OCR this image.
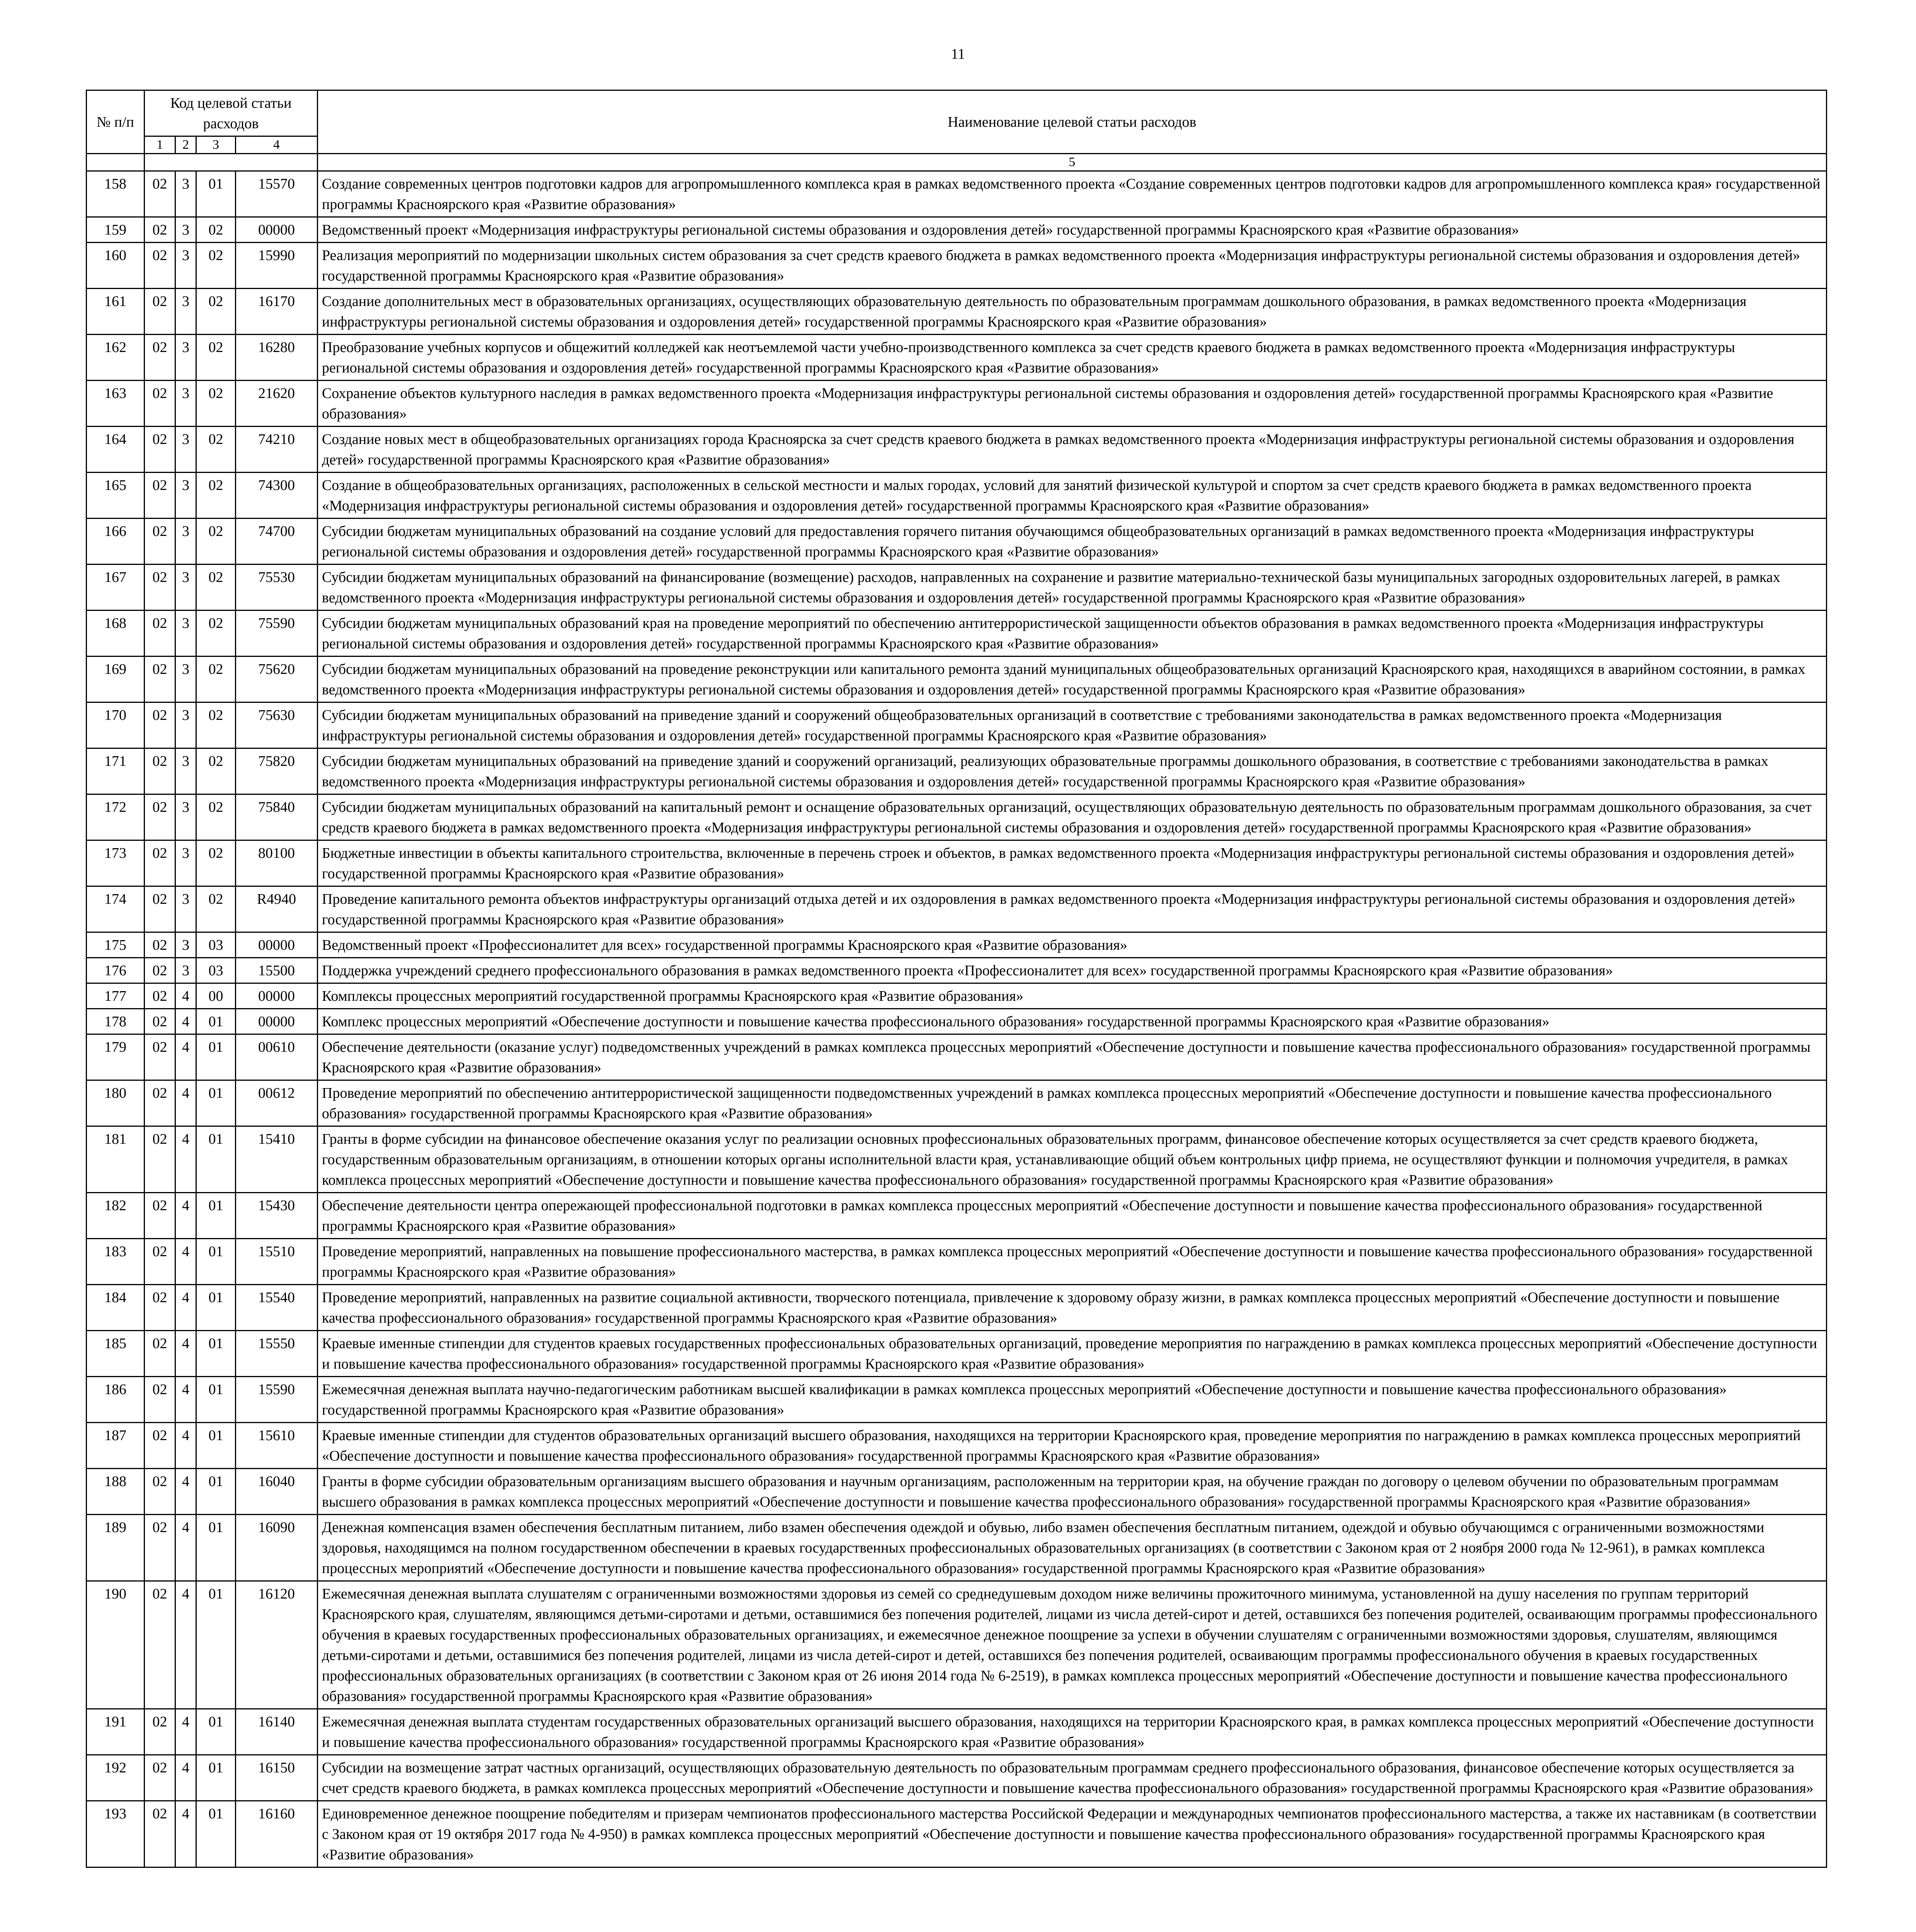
11
№ п/п	Код целевой статьи расходов				Наименование целевой статьи расходов
	1	2	3	4	
					5
158	02	3	01	15570	Создание современных центров подготовки кадров для агропромышленного комплекса края в рамках ведомственного проекта «Создание современных центров подготовки кадров для агропромышленного комплекса края» государственной программы Красноярского края «Развитие образования»
159	02	3	02	00000	Ведомственный проект «Модернизация инфраструктуры региональной системы образования и оздоровления детей» государственной программы Красноярского края «Развитие образования»
160	02	3	02	15990	Реализация мероприятий по модернизации школьных систем образования за счет средств краевого бюджета в рамках ведомственного проекта «Модернизация инфраструктуры региональной системы образования и оздоровления детей» государственной программы Красноярского края «Развитие образования»
161	02	3	02	16170	Создание дополнительных мест в образовательных организациях, осуществляющих образовательную деятельность по образовательным программам дошкольного образования, в рамках ведомственного проекта «Модернизация инфраструктуры региональной системы образования и оздоровления детей» государственной программы Красноярского края «Развитие образования»
162	02	3	02	16280	Преобразование учебных корпусов и общежитий колледжей как неотъемлемой части учебно-производственного комплекса за счет средств краевого бюджета в рамках ведомственного проекта «Модернизация инфраструктуры региональной системы образования и оздоровления детей» государственной программы Красноярского края «Развитие образования»
163	02	3	02	21620	Сохранение объектов культурного наследия в рамках ведомственного проекта «Модернизация инфраструктуры региональной системы образования и оздоровления детей» государственной программы Красноярского края «Развитие образования»
164	02	3	02	74210	Создание новых мест в общеобразовательных организациях города Красноярска за счет средств краевого бюджета в рамках ведомственного проекта «Модернизация инфраструктуры региональной системы образования и оздоровления детей» государственной программы Красноярского края «Развитие образования»
165	02	3	02	74300	Создание в общеобразовательных организациях, расположенных в сельской местности и малых городах, условий для занятий физической культурой и спортом за счет средств краевого бюджета в рамках ведомственного проекта «Модернизация инфраструктуры региональной системы образования и оздоровления детей» государственной программы Красноярского края «Развитие образования»
166	02	3	02	74700	Субсидии бюджетам муниципальных образований на создание условий для предоставления горячего питания обучающимся общеобразовательных организаций в рамках ведомственного проекта «Модернизация инфраструктуры региональной системы образования и оздоровления детей» государственной программы Красноярского края «Развитие образования»
167	02	3	02	75530	Субсидии бюджетам муниципальных образований на финансирование (возмещение) расходов, направленных на сохранение и развитие материально-технической базы муниципальных загородных оздоровительных лагерей, в рамках ведомственного проекта «Модернизация инфраструктуры региональной системы образования и оздоровления детей» государственной программы Красноярского края «Развитие образования»
168	02	3	02	75590	Субсидии бюджетам муниципальных образований края на проведение мероприятий по обеспечению антитеррористической защищенности объектов образования в рамках ведомственного проекта «Модернизация инфраструктуры региональной системы образования и оздоровления детей» государственной программы Красноярского края «Развитие образования»
169	02	3	02	75620	Субсидии бюджетам муниципальных образований на проведение реконструкции или капитального ремонта зданий муниципальных общеобразовательных организаций Красноярского края, находящихся в аварийном состоянии, в рамках ведомственного проекта «Модернизация инфраструктуры региональной системы образования и оздоровления детей» государственной программы Красноярского края «Развитие образования»
170	02	3	02	75630	Субсидии бюджетам муниципальных образований на приведение зданий и сооружений общеобразовательных организаций в соответствие с требованиями законодательства в рамках ведомственного проекта «Модернизация инфраструктуры региональной системы образования и оздоровления детей» государственной программы Красноярского края «Развитие образования»
171	02	3	02	75820	Субсидии бюджетам муниципальных образований на приведение зданий и сооружений организаций, реализующих образовательные программы дошкольного образования, в соответствие с требованиями законодательства в рамках ведомственного проекта «Модернизация инфраструктуры региональной системы образования и оздоровления детей» государственной программы Красноярского края «Развитие образования»
172	02	3	02	75840	Субсидии бюджетам муниципальных образований на капитальный ремонт и оснащение образовательных организаций, осуществляющих образовательную деятельность по образовательным программам дошкольного образования, за счет средств краевого бюджета в рамках ведомственного проекта «Модернизация инфраструктуры региональной системы образования и оздоровления детей» государственной программы Красноярского края «Развитие образования»
173	02	3	02	80100	Бюджетные инвестиции в объекты капитального строительства, включенные в перечень строек и объектов, в рамках ведомственного проекта «Модернизация инфраструктуры региональной системы образования и оздоровления детей» государственной программы Красноярского края «Развитие образования»
174	02	3	02	R4940	Проведение капитального ремонта объектов инфраструктуры организаций отдыха детей и их оздоровления в рамках ведомственного проекта «Модернизация инфраструктуры региональной системы образования и оздоровления детей» государственной программы Красноярского края «Развитие образования»
175	02	3	03	00000	Ведомственный проект «Профессионалитет для всех» государственной программы Красноярского края «Развитие образования»
176	02	3	03	15500	Поддержка учреждений среднего профессионального образования в рамках ведомственного проекта «Профессионалитет для всех» государственной программы Красноярского края «Развитие образования»
177	02	4	00	00000	Комплексы процессных мероприятий государственной программы Красноярского края «Развитие образования»
178	02	4	01	00000	Комплекс процессных мероприятий «Обеспечение доступности и повышение качества профессионального образования» государственной программы Красноярского края «Развитие образования»
179	02	4	01	00610	Обеспечение деятельности (оказание услуг) подведомственных учреждений в рамках комплекса процессных мероприятий «Обеспечение доступности и повышение качества профессионального образования» государственной программы Красноярского края «Развитие образования»
180	02	4	01	00612	Проведение мероприятий по обеспечению антитеррористической защищенности подведомственных учреждений в рамках комплекса процессных мероприятий «Обеспечение доступности и повышение качества профессионального образования» государственной программы Красноярского края «Развитие образования»
181	02	4	01	15410	Гранты в форме субсидии на финансовое обеспечение оказания услуг по реализации основных профессиональных образовательных программ, финансовое обеспечение которых осуществляется за счет средств краевого бюджета, государственным образовательным организациям, в отношении которых органы исполнительной власти края, устанавливающие общий объем контрольных цифр приема, не осуществляют функции и полномочия учредителя, в рамках комплекса процессных мероприятий «Обеспечение доступности и повышение качества профессионального образования» государственной программы Красноярского края «Развитие образования»
182	02	4	01	15430	Обеспечение деятельности центра опережающей профессиональной подготовки в рамках комплекса процессных мероприятий «Обеспечение доступности и повышение качества профессионального образования» государственной программы Красноярского края «Развитие образования»
183	02	4	01	15510	Проведение мероприятий, направленных на повышение профессионального мастерства, в рамках комплекса процессных мероприятий «Обеспечение доступности и повышение качества профессионального образования» государственной программы Красноярского края «Развитие образования»
184	02	4	01	15540	Проведение мероприятий, направленных на развитие социальной активности, творческого потенциала, привлечение к здоровому образу жизни, в рамках комплекса процессных мероприятий «Обеспечение доступности и повышение качества профессионального образования» государственной программы Красноярского края «Развитие образования»
185	02	4	01	15550	Краевые именные стипендии для студентов краевых государственных профессиональных образовательных организаций, проведение мероприятия по награждению в рамках комплекса процессных мероприятий «Обеспечение доступности и повышение качества профессионального образования» государственной программы Красноярского края «Развитие образования»
186	02	4	01	15590	Ежемесячная денежная выплата научно-педагогическим работникам высшей квалификации в рамках комплекса процессных мероприятий «Обеспечение доступности и повышение качества профессионального образования» государственной программы Красноярского края «Развитие образования»
187	02	4	01	15610	Краевые именные стипендии для студентов образовательных организаций высшего образования, находящихся на территории Красноярского края, проведение мероприятия по награждению в рамках комплекса процессных мероприятий «Обеспечение доступности и повышение качества профессионального образования» государственной программы Красноярского края «Развитие образования»
188	02	4	01	16040	Гранты в форме субсидии образовательным организациям высшего образования и научным организациям, расположенным на территории края, на обучение граждан по договору о целевом обучении по образовательным программам высшего образования в рамках комплекса процессных мероприятий «Обеспечение доступности и повышение качества профессионального образования» государственной программы Красноярского края «Развитие образования»
189	02	4	01	16090	Денежная компенсация взамен обеспечения бесплатным питанием, либо взамен обеспечения одеждой и обувью, либо взамен обеспечения бесплатным питанием, одеждой и обувью обучающимся с ограниченными возможностями здоровья, находящимся на полном государственном обеспечении в краевых государственных профессиональных образовательных организациях (в соответствии с Законом края от 2 ноября 2000 года № 12-961), в рамках комплекса процессных мероприятий «Обеспечение доступности и повышение качества профессионального образования» государственной программы Красноярского края «Развитие образования»
190	02	4	01	16120	Ежемесячная денежная выплата слушателям с ограниченными возможностями здоровья из семей со среднедушевым доходом ниже величины прожиточного минимума, установленной на душу населения по группам территорий Красноярского края, слушателям, являющимся детьми-сиротами и детьми, оставшимися без попечения родителей, лицами из числа детей-сирот и детей, оставшихся без попечения родителей, осваивающим программы профессионального обучения в краевых государственных профессиональных образовательных организациях, и ежемесячное денежное поощрение за успехи в обучении слушателям с ограниченными возможностями здоровья, слушателям, являющимся детьми-сиротами и детьми, оставшимися без попечения родителей, лицами из числа детей-сирот и детей, оставшихся без попечения родителей, осваивающим программы профессионального обучения в краевых государственных профессиональных образовательных организациях (в соответствии с Законом края от 26 июня 2014 года № 6-2519), в рамках комплекса процессных мероприятий «Обеспечение доступности и повышение качества профессионального образования» государственной программы Красноярского края «Развитие образования»
191	02	4	01	16140	Ежемесячная денежная выплата студентам государственных образовательных организаций высшего образования, находящихся на территории Красноярского края, в рамках комплекса процессных мероприятий «Обеспечение доступности и повышение качества профессионального образования» государственной программы Красноярского края «Развитие образования»
192	02	4	01	16150	Субсидии на возмещение затрат частных организаций, осуществляющих образовательную деятельность по образовательным программам среднего профессионального образования, финансовое обеспечение которых осуществляется за счет средств краевого бюджета, в рамках комплекса процессных мероприятий «Обеспечение доступности и повышение качества профессионального образования» государственной программы Красноярского края «Развитие образования»
193	02	4	01	16160	Единовременное денежное поощрение победителям и призерам чемпионатов профессионального мастерства Российской Федерации и международных чемпионатов профессионального мастерства, а также их наставникам (в соответствии с Законом края от 19 октября 2017 года № 4-950) в рамках комплекса процессных мероприятий «Обеспечение доступности и повышение качества профессионального образования» государственной программы Красноярского края «Развитие образования»
